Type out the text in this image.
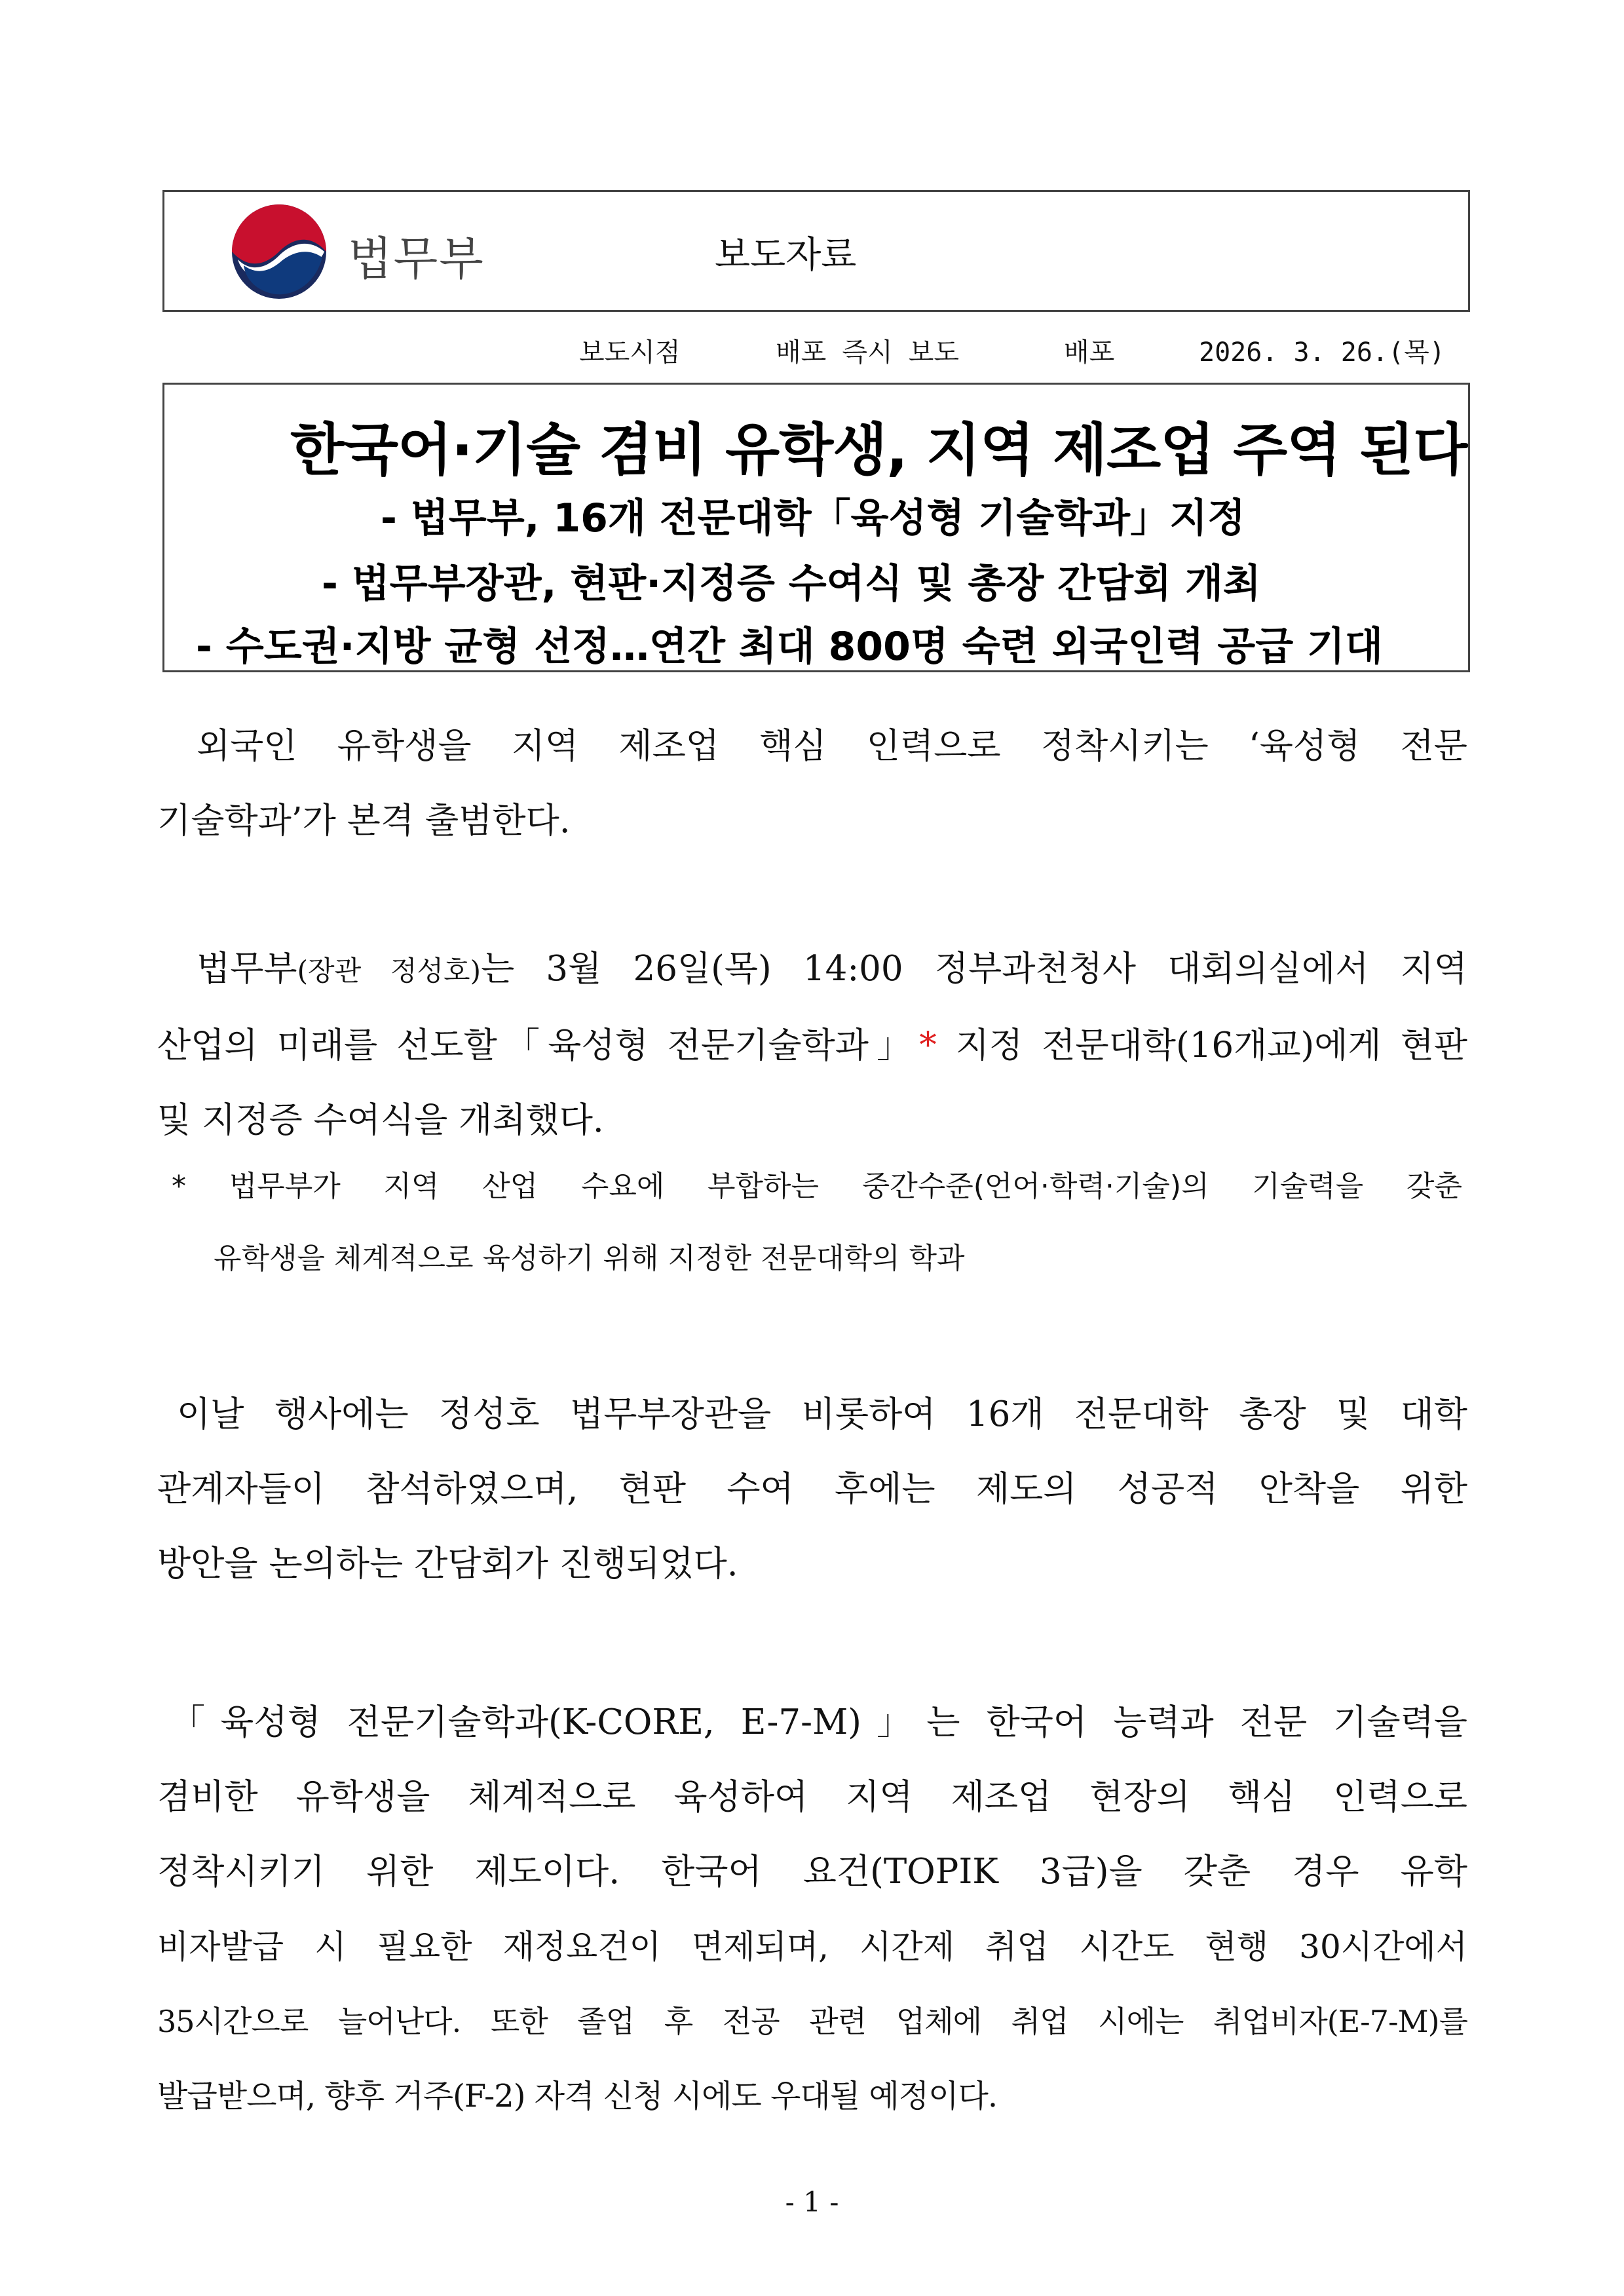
법무부	보도자료
보도시점	배포 즉시 보도	배포	2026. 3. 26.(목)
한국어·기술 겸비 유학생, 지역 제조업 주역 된다
- 법무부, 16개 전문대학「육성형 기술학과」지정
- 법무부장관, 현판·지정증 수여식 및 총장 간담회 개최
- 수도권·지방 균형 선정…연간 최대 800명 숙련 외국인력 공급 기대
외국인 유학생을 지역 제조업 핵심 인력으로 정착시키는 ‘육성형 전문
기술학과’가 본격 출범한다.
법무부(장관 정성호)는 3월 26일(목) 14:00 정부과천청사 대회의실에서 지역
산업의 미래를 선도할「육성형 전문기술학과」* 지정 전문대학(16개교)에게 현판
및 지정증 수여식을 개최했다.
* 법무부가 지역 산업 수요에 부합하는 중간수준(언어·학력·기술)의 기술력을 갖춘
유학생을 체계적으로 육성하기 위해 지정한 전문대학의 학과
이날 행사에는 정성호 법무부장관을 비롯하여 16개 전문대학 총장 및 대학
관계자들이 참석하였으며, 현판 수여 후에는 제도의 성공적 안착을 위한
방안을 논의하는 간담회가 진행되었다.
「육성형 전문기술학과(K-CORE, E-7-M)」는 한국어 능력과 전문 기술력을
겸비한 유학생을 체계적으로 육성하여 지역 제조업 현장의 핵심 인력으로
정착시키기 위한 제도이다. 한국어 요건(TOPIK 3급)을 갖춘 경우 유학
비자발급 시 필요한 재정요건이 면제되며, 시간제 취업 시간도 현행 30시간에서
35시간으로 늘어난다. 또한 졸업 후 전공 관련 업체에 취업 시에는 취업비자(E-7-M)를
발급받으며, 향후 거주(F-2) 자격 신청 시에도 우대될 예정이다.
- 1 -
